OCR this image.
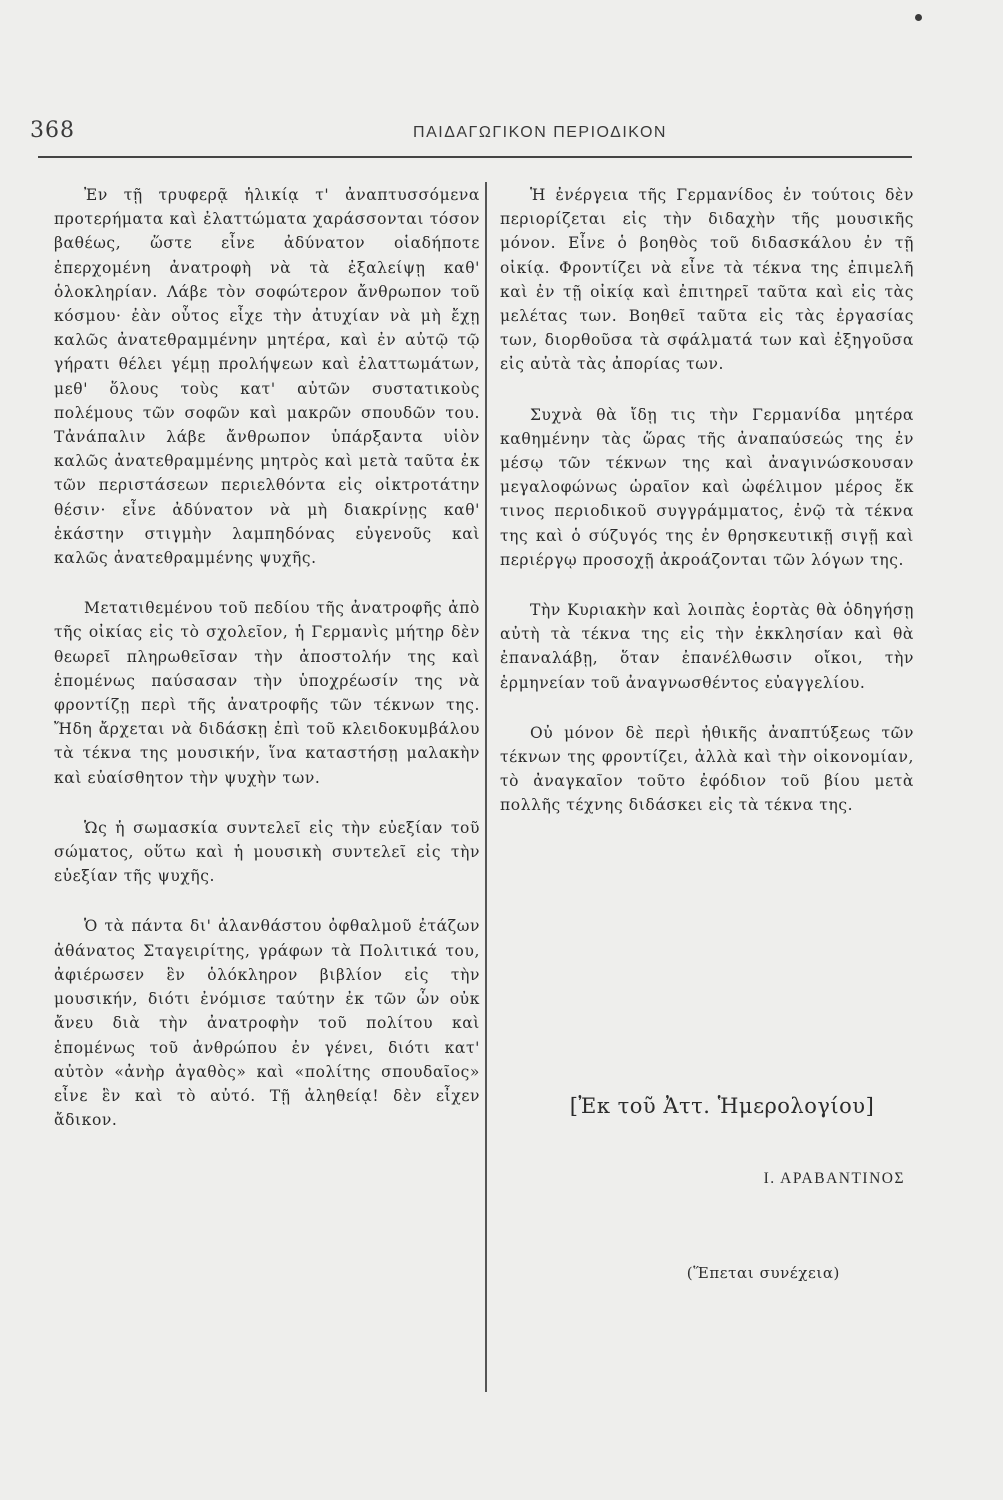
368	ΠΑΙΔΑΓΩΓΙΚΟΝ ΠΕΡΙΟΔΙΚΟΝ

Ἐν τῇ τρυφερᾷ ἡλικίᾳ τ' ἀναπτυσσόμενα προτερήματα καὶ ἐλαττώματα χαράσσονται τόσον βαθέως, ὥστε εἶνε ἀδύνατον οἱαδήποτε ἐπερχομένη ἀνατροφὴ νὰ τὰ ἐξαλείψῃ καθ' ὁλοκληρίαν. Λάβε τὸν σοφώτερον ἄνθρωπον τοῦ κόσμου· ἐὰν οὗτος εἶχε τὴν ἀτυχίαν νὰ μὴ ἔχῃ καλῶς ἀνατεθραμμένην μητέρα, καὶ ἐν αὐτῷ τῷ γήρατι θέλει γέμῃ προλήψεων καὶ ἐλαττωμάτων, μεθ' ὅλους τοὺς κατ' αὐτῶν συστατικοὺς πολέμους τῶν σοφῶν καὶ μακρῶν σπουδῶν του. Τἀνάπαλιν λάβε ἄνθρωπον ὑπάρξαντα υἱὸν καλῶς ἀνατεθραμμένης μητρὸς καὶ μετὰ ταῦτα ἐκ τῶν περιστάσεων περιελθόντα εἰς οἰκτροτάτην θέσιν· εἶνε ἀδύνατον νὰ μὴ διακρίνῃς καθ' ἑκάστην στιγμὴν λαμπηδόνας εὐγενοῦς καὶ καλῶς ἀνατεθραμμένης ψυχῆς.

Μετατιθεμένου τοῦ πεδίου τῆς ἀνατροφῆς ἀπὸ τῆς οἰκίας εἰς τὸ σχολεῖον, ἡ Γερμανὶς μήτηρ δὲν θεωρεῖ πληρωθεῖσαν τὴν ἀποστολήν της καὶ ἑπομένως παύσασαν τὴν ὑποχρέωσίν της νὰ φροντίζῃ περὶ τῆς ἀνατροφῆς τῶν τέκνων της. Ἤδη ἄρχεται νὰ διδάσκῃ ἐπὶ τοῦ κλειδοκυμβάλου τὰ τέκνα της μουσικήν, ἵνα καταστήσῃ μαλακὴν καὶ εὐαίσθητον τὴν ψυχὴν των.

Ὡς ἡ σωμασκία συντελεῖ εἰς τὴν εὐεξίαν τοῦ σώματος, οὕτω καὶ ἡ μουσικὴ συντελεῖ εἰς τὴν εὐεξίαν τῆς ψυχῆς.

Ὁ τὰ πάντα δι' ἀλανθάστου ὀφθαλμοῦ ἐτάζων ἀθάνατος Σταγειρίτης, γράφων τὰ Πολιτικά του, ἀφιέρωσεν ἓν ὁλόκληρον βιβλίον εἰς τὴν μουσικήν, διότι ἐνόμισε ταύτην ἐκ τῶν ὧν οὐκ ἄνευ διὰ τὴν ἀνατροφὴν τοῦ πολίτου καὶ ἑπομένως τοῦ ἀνθρώπου ἐν γένει, διότι κατ' αὐτὸν «ἀνὴρ ἀγαθὸς» καὶ «πολίτης σπουδαῖος» εἶνε ἓν καὶ τὸ αὐτό. Τῇ ἀληθείᾳ! δὲν εἶχεν ἄδικον.

Ἡ ἐνέργεια τῆς Γερμανίδος ἐν τούτοις δὲν περιορίζεται εἰς τὴν διδαχὴν τῆς μουσικῆς μόνον. Εἶνε ὁ βοηθὸς τοῦ διδασκάλου ἐν τῇ οἰκίᾳ. Φροντίζει νὰ εἶνε τὰ τέκνα της ἐπιμελῆ καὶ ἐν τῇ οἰκίᾳ καὶ ἐπιτηρεῖ ταῦτα καὶ εἰς τὰς μελέτας των. Βοηθεῖ ταῦτα εἰς τὰς ἐργασίας των, διορθοῦσα τὰ σφάλματά των καὶ ἐξηγοῦσα εἰς αὐτὰ τὰς ἀπορίας των.

Συχνὰ θὰ ἴδῃ τις τὴν Γερμανίδα μητέρα καθημένην τὰς ὥρας τῆς ἀναπαύσεώς της ἐν μέσῳ τῶν τέκνων της καὶ ἀναγινώσκουσαν μεγαλοφώνως ὡραῖον καὶ ὠφέλιμον μέρος ἔκ τινος περιοδικοῦ συγγράμματος, ἐνῷ τὰ τέκνα της καὶ ὁ σύζυγός της ἐν θρησκευτικῇ σιγῇ καὶ περιέργῳ προσοχῇ ἀκροάζονται τῶν λόγων της.

Τὴν Κυριακὴν καὶ λοιπὰς ἑορτὰς θὰ ὁδηγήσῃ αὐτὴ τὰ τέκνα της εἰς τὴν ἐκκλησίαν καὶ θὰ ἐπαναλάβῃ, ὅταν ἐπανέλθωσιν οἴκοι, τὴν ἑρμηνείαν τοῦ ἀναγνωσθέντος εὐαγγελίου.

Οὐ μόνον δὲ περὶ ἠθικῆς ἀναπτύξεως τῶν τέκνων της φροντίζει, ἀλλὰ καὶ τὴν οἰκονομίαν, τὸ ἀναγκαῖον τοῦτο ἐφόδιον τοῦ βίου μετὰ πολλῆς τέχνης διδάσκει εἰς τὰ τέκνα της.

[Ἐκ τοῦ Ἀττ. Ἡμερολογίου]
Ι. ΑΡΑΒΑΝΤΙΝΟΣ
(Ἕπεται συνέχεια)
